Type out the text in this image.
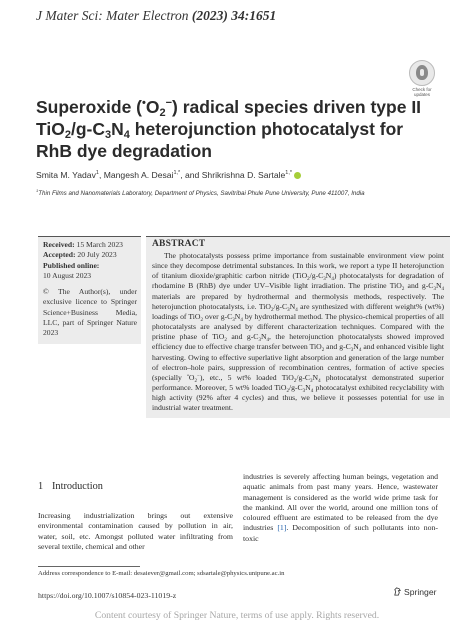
J Mater Sci: Mater Electron (2023) 34:1651
Check for
updates
Superoxide $(^•O_2^-)$ radical species driven type II $TiO_2/g-C_3N_4$ heterojunction photocatalyst for RhB dye degradation
Smita M. Yadav$^1$, Mangesh A. Desai$^{1,*}$, and Shrikrishna D. Sartale$^{1,*}$
$^1$Thin Films and Nanomaterials Laboratory, Department of Physics, Savitribai Phule Pune University, Pune 411007, India
Received: 15 March 2023
Accepted: 20 July 2023
Published online:
10 August 2023
© The Author(s), under exclusive licence to Springer Science+Business Media, LLC, part of Springer Nature 2023
ABSTRACT
The photocatalysts possess prime importance from sustainable environment view point since they decompose detrimental substances. In this work, we report a type II heterojunction of titanium dioxide/graphitic carbon nitride $(TiO_2/g-C_3N_4)$ photocatalysts for degradation of rhodamine B (RhB) dye under UV–Visible light irradiation. The pristine TiO$_2$ and $g-C_3N_4$ materials are prepared by hydrothermal and thermolysis methods, respectively. The heterojunction photocatalysts, i.e. $TiO_2/g-C_3N_4$ are synthesized with different weight% (wt%) loadings of TiO$_2$ over $g-C_3N_4$ by hydrothermal method. The physico-chemical properties of all photocatalysts are analysed by different characterization techniques. Compared with the pristine phase of TiO$_2$ and $g-C_3N_4$, the heterojunction photocatalysts showed improved efficiency due to effective charge transfer between TiO$_2$ and $g-C_3N_4$ and enhanced visible light harvesting. Owing to effective superlative light absorption and generation of the large number of electron–hole pairs, suppression of recombination centres, formation of active species (specially $^•O_2^-$), etc., 5 wt% loaded $TiO_2/g-C_3N_4$ photocatalyst demonstrated superior performance. Moreover, 5 wt% loaded $TiO_2/g-C_3N_4$ photocatalyst exhibited recyclability with high activity (92% after 4 cycles) and thus, we believe it possesses potential for use in industrial water treatment.
1 Introduction
Increasing industrialization brings out extensive environmental contamination caused by pollution in air, water, soil, etc. Amongst polluted water infiltrating from several textile, chemical and other
industries is severely affecting human beings, vegetation and aquatic animals from past many years. Hence, wastewater management is considered as the world wide prime task for the mankind. All over the world, around one million tons of coloured effluent are estimated to be released from the dye industries [1]. Decomposition of such pollutants into non-toxic
Address correspondence to E-mail: desaiever@gmail.com; sdsartale@physics.unipune.ac.in
https://doi.org/10.1007/s10854-023-11019-z	Springer
Content courtesy of Springer Nature, terms of use apply. Rights reserved.
